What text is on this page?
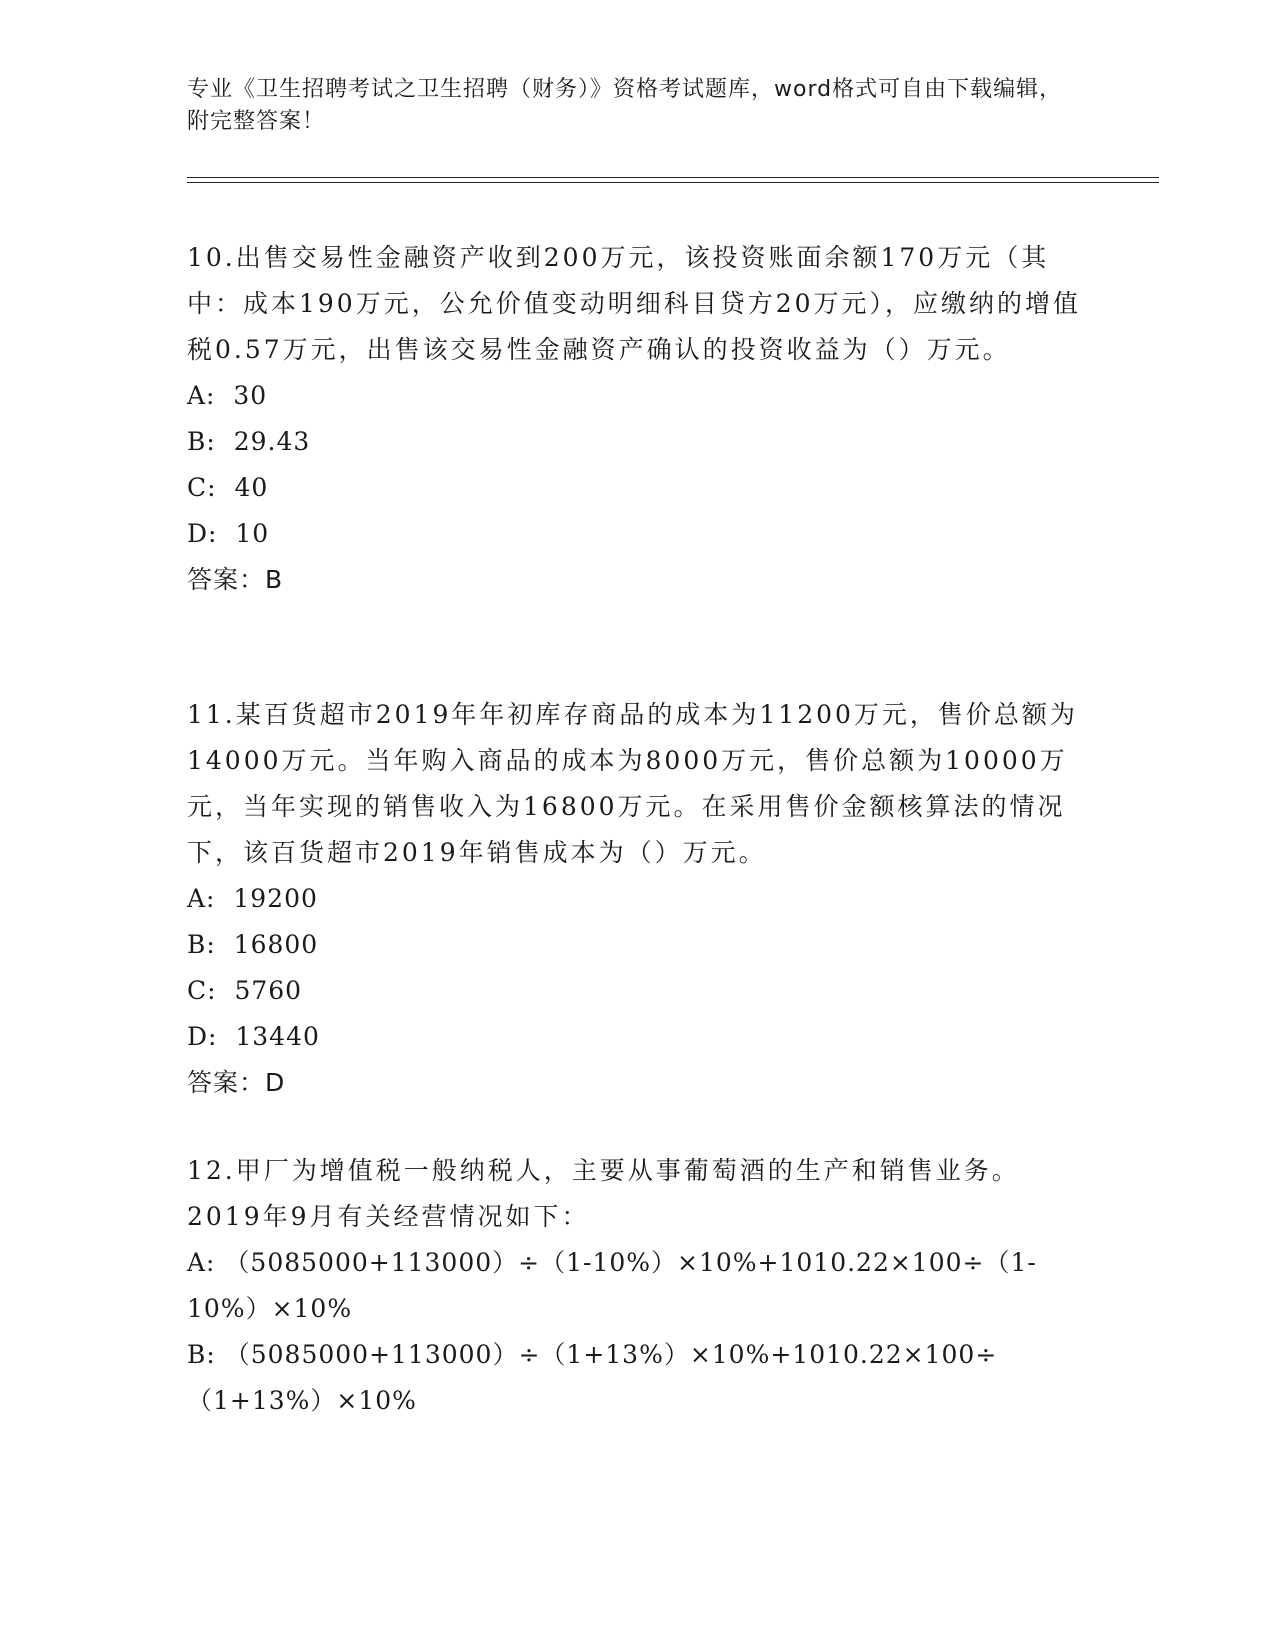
专业《卫生招聘考试之卫生招聘（财务）》资格考试题库，word格式可自由下载编辑，附完整答案！
10.出售交易性金融资产收到200万元，该投资账面余额170万元（其中：成本190万元，公允价值变动明细科目贷方20万元），应缴纳的增值税0.57万元，出售该交易性金融资产确认的投资收益为（）万元。
A:  30
B:  29.43
C:  40
D:  10
答案：B
11.某百货超市2019年年初库存商品的成本为11200万元，售价总额为14000万元。当年购入商品的成本为8000万元，售价总额为10000万元，当年实现的销售收入为16800万元。在采用售价金额核算法的情况下，该百货超市2019年销售成本为（）万元。
A:  19200
B:  16800
C:  5760
D:  13440
答案：D
12.甲厂为增值税一般纳税人，主要从事葡萄酒的生产和销售业务。2019年9月有关经营情况如下：
A: （5085000+113000）÷（1-10%）×10%+1010.22×100÷（1-10%）×10%
B: （5085000+113000）÷（1+13%）×10%+1010.22×100÷（1+13%）×10%
